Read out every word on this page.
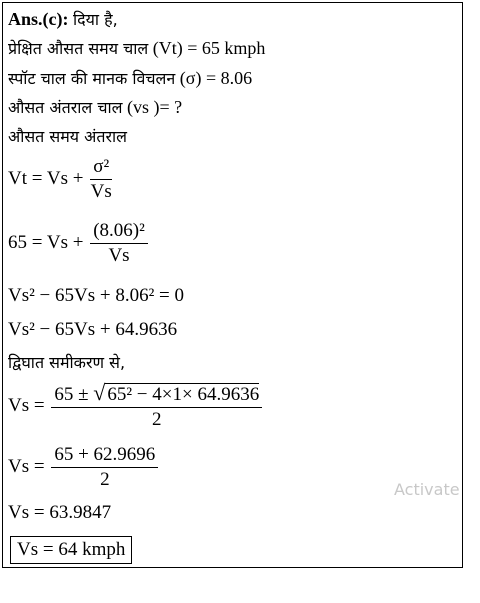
Ans.(c): दिया है,
प्रेक्षित औसत समय चाल (Vt) = 65 kmph
स्पॉट चाल की मानक विचलन (σ) = 8.06
औसत अंतराल चाल (vs )= ?
औसत समय अंतराल
$Vt = Vs + \frac{\text{σ²}}{Vs}$
$65 = Vs + \frac{\text{(8.06)²}}{Vs}$
Vs² − 65Vs + 8.06² = 0
Vs² − 65Vs + 64.9636
द्विघात समीकरण से,
$Vs = \frac{\text{65 ± √ 65² − 4×1× 64.9636}}{2}$
$Vs = \frac{65 + 62.9696}{2}$
Vs = 63.9847
Vs = 64 kmph
Activate
